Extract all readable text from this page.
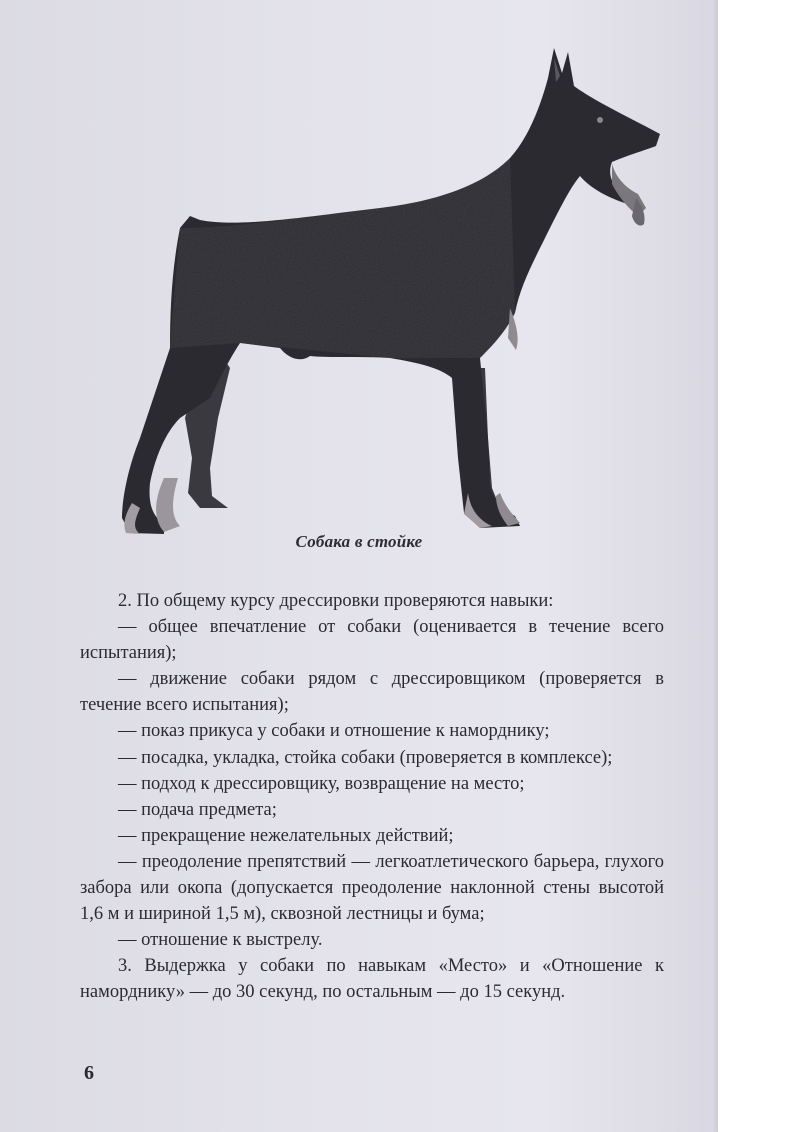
Собака в стойке

2. По общему курсу дрессировки проверяются навыки:

— общее впечатление от собаки (оценивается в течение всего испытания);

— движение собаки рядом с дрессировщиком (проверяется в течение всего испытания);

— показ прикуса у собаки и отношение к наморднику;

— посадка, укладка, стойка собаки (проверяется в комплексе);

— подход к дрессировщику, возвращение на место;

— подача предмета;

— прекращение нежелательных действий;

— преодоление препятствий — легкоатлетического барьера, глухого забора или окопа (допускается преодоление наклонной стены высотой 1,6 м и шириной 1,5 м), сквозной лестницы и бума;

— отношение к выстрелу.

3. Выдержка у собаки по навыкам «Место» и «Отношение к наморднику» — до 30 секунд, по остальным — до 15 секунд.

6
